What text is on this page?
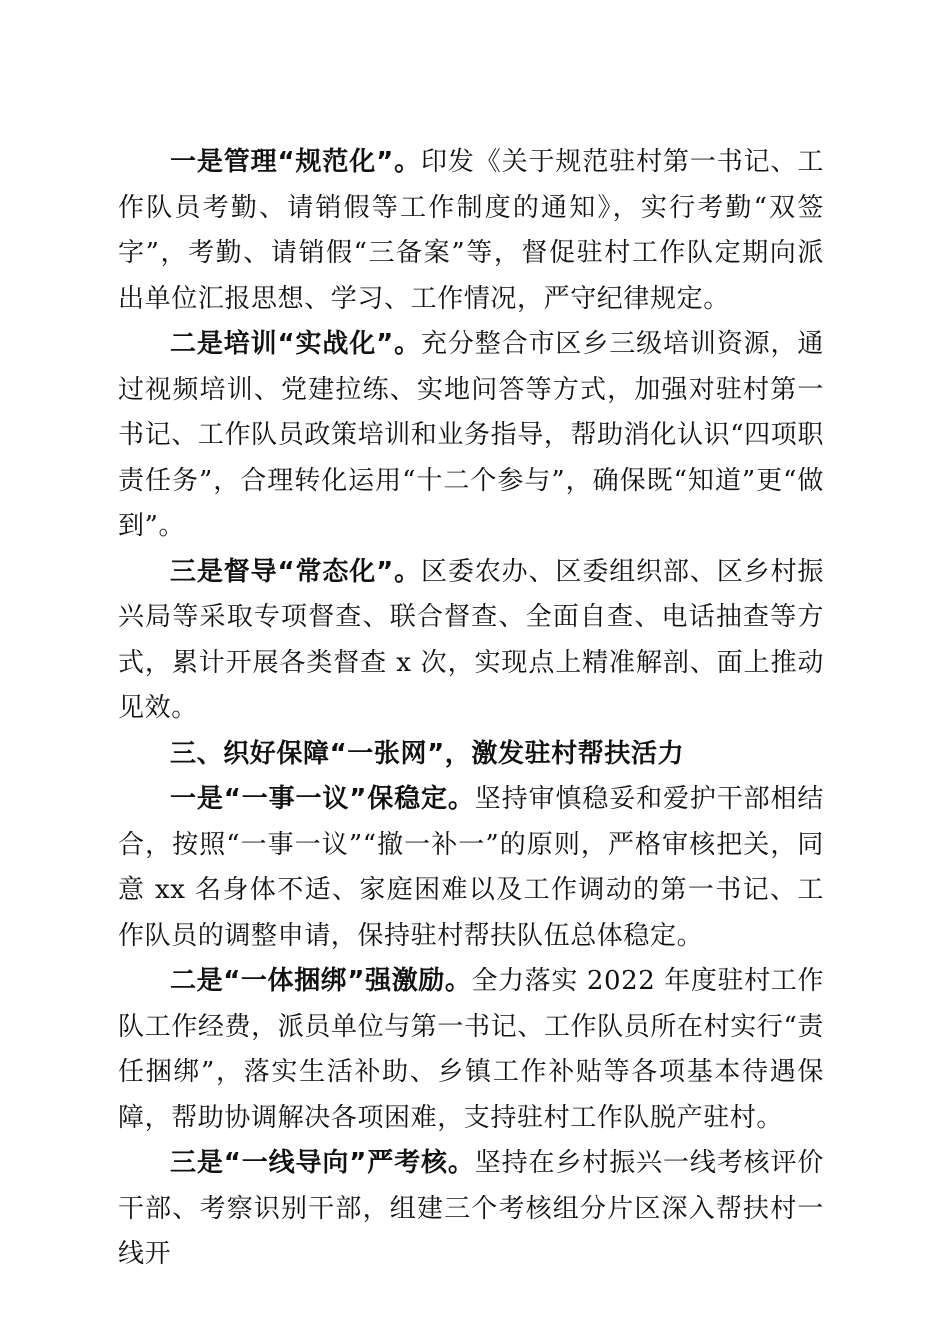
一是管理“规范化”。印发《关于规范驻村第一书记、工作队员考勤、请销假等工作制度的通知》，实行考勤“双签字”，考勤、请销假“三备案”等，督促驻村工作队定期向派出单位汇报思想、学习、工作情况，严守纪律规定。

二是培训“实战化”。充分整合市区乡三级培训资源，通过视频培训、党建拉练、实地问答等方式，加强对驻村第一书记、工作队员政策培训和业务指导，帮助消化认识“四项职责任务”，合理转化运用“十二个参与”，确保既“知道”更“做到”。

三是督导“常态化”。区委农办、区委组织部、区乡村振兴局等采取专项督查、联合督查、全面自查、电话抽查等方式，累计开展各类督查 x 次，实现点上精准解剖、面上推动见效。

三、织好保障“一张网”，激发驻村帮扶活力

一是“一事一议”保稳定。坚持审慎稳妥和爱护干部相结合，按照“一事一议”“撤一补一”的原则，严格审核把关，同意 xx 名身体不适、家庭困难以及工作调动的第一书记、工作队员的调整申请，保持驻村帮扶队伍总体稳定。

二是“一体捆绑”强激励。全力落实 2022 年度驻村工作队工作经费，派员单位与第一书记、工作队员所在村实行“责任捆绑”，落实生活补助、乡镇工作补贴等各项基本待遇保障，帮助协调解决各项困难，支持驻村工作队脱产驻村。

三是“一线导向”严考核。坚持在乡村振兴一线考核评价干部、考察识别干部，组建三个考核组分片区深入帮扶村一线开
